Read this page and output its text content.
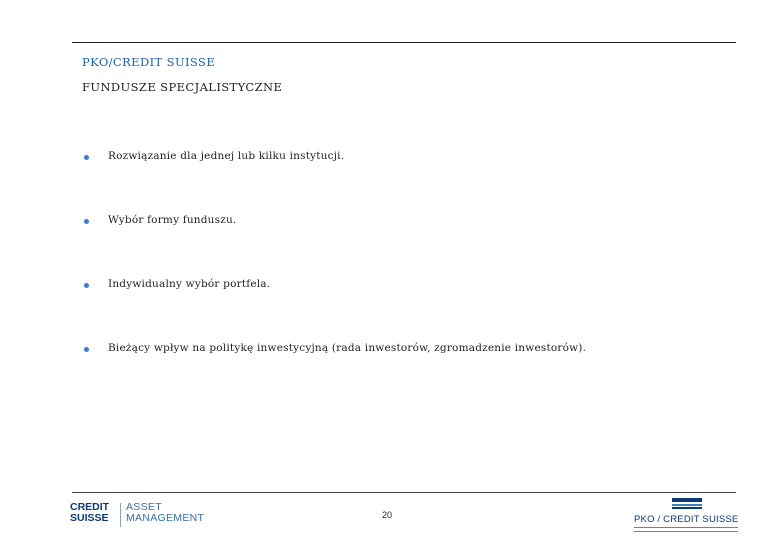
PKO/CREDIT SUISSE
FUNDUSZE SPECJALISTYCZNE
Rozwiązanie dla jednej lub kilku instytucji.
Wybór formy funduszu.
Indywidualny wybór portfela.
Bieżący wpływ na politykę inwestycyjną (rada inwestorów, zgromadzenie inwestorów).
CREDIT
SUISSE
ASSET
MANAGEMENT	20	PKO / CREDIT SUISSE
